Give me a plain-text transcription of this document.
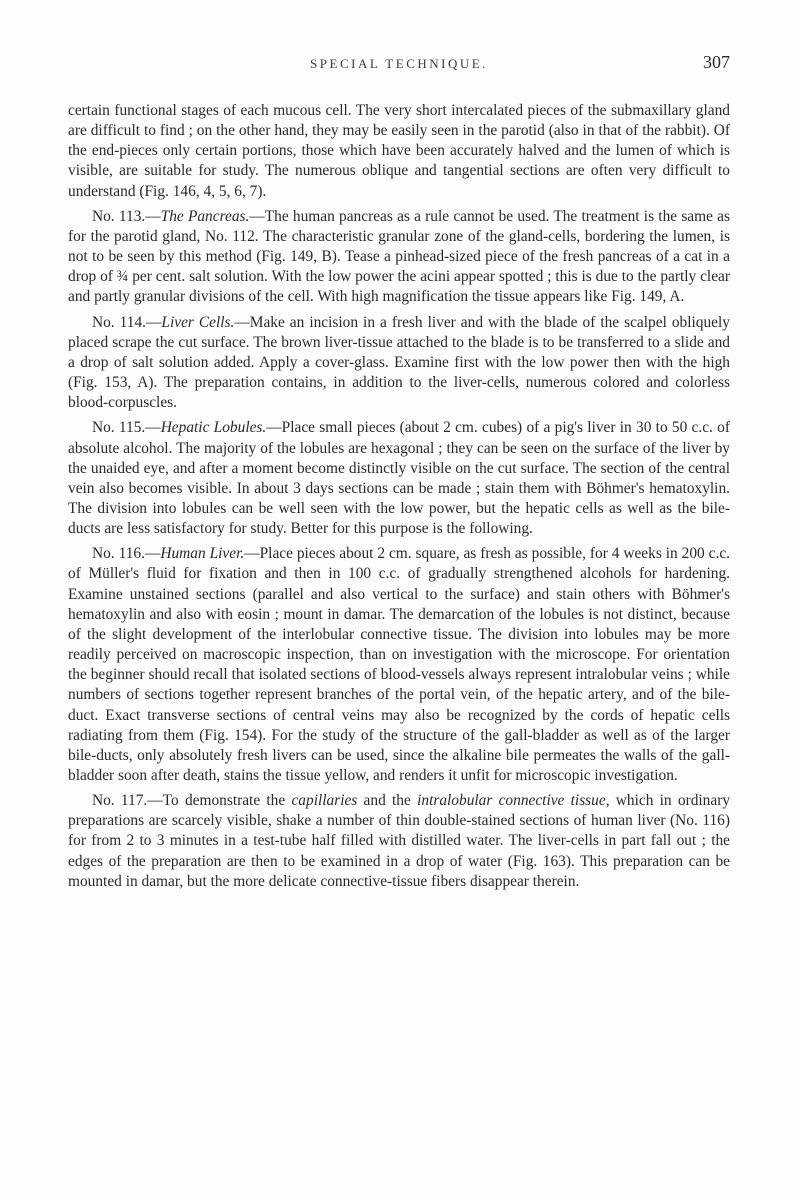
SPECIAL TECHNIQUE.	307

certain functional stages of each mucous cell. The very short intercalated pieces of the submaxillary gland are difficult to find ; on the other hand, they may be easily seen in the parotid (also in that of the rabbit). Of the end-pieces only certain portions, those which have been accurately halved and the lumen of which is visible, are suitable for study. The numerous oblique and tangential sections are often very difficult to understand (Fig. 146, 4, 5, 6, 7).

No. 113.—The Pancreas.—The human pancreas as a rule cannot be used. The treatment is the same as for the parotid gland, No. 112. The characteristic granular zone of the gland-cells, bordering the lumen, is not to be seen by this method (Fig. 149, B). Tease a pinhead-sized piece of the fresh pancreas of a cat in a drop of ¾ per cent. salt solution. With the low power the acini appear spotted ; this is due to the partly clear and partly granular divisions of the cell. With high magnification the tissue appears like Fig. 149, A.

No. 114.—Liver Cells.—Make an incision in a fresh liver and with the blade of the scalpel obliquely placed scrape the cut surface. The brown liver-tissue attached to the blade is to be transferred to a slide and a drop of salt solution added. Apply a cover-glass. Examine first with the low power then with the high (Fig. 153, A). The preparation contains, in addition to the liver-cells, numerous colored and colorless blood-corpuscles.

No. 115.—Hepatic Lobules.—Place small pieces (about 2 cm. cubes) of a pig's liver in 30 to 50 c.c. of absolute alcohol. The majority of the lobules are hexagonal ; they can be seen on the surface of the liver by the unaided eye, and after a moment become distinctly visible on the cut surface. The section of the central vein also becomes visible. In about 3 days sections can be made ; stain them with Böhmer's hematoxylin. The division into lobules can be well seen with the low power, but the hepatic cells as well as the bile-ducts are less satisfactory for study. Better for this purpose is the following.

No. 116.—Human Liver.—Place pieces about 2 cm. square, as fresh as possible, for 4 weeks in 200 c.c. of Müller's fluid for fixation and then in 100 c.c. of gradually strengthened alcohols for hardening. Examine unstained sections (parallel and also vertical to the surface) and stain others with Böhmer's hematoxylin and also with eosin ; mount in damar. The demarcation of the lobules is not distinct, because of the slight development of the interlobular connective tissue. The division into lobules may be more readily perceived on macroscopic inspection, than on investigation with the microscope. For orientation the beginner should recall that isolated sections of blood-vessels always represent intralobular veins ; while numbers of sections together represent branches of the portal vein, of the hepatic artery, and of the bile-duct. Exact transverse sections of central veins may also be recognized by the cords of hepatic cells radiating from them (Fig. 154). For the study of the structure of the gall-bladder as well as of the larger bile-ducts, only absolutely fresh livers can be used, since the alkaline bile permeates the walls of the gall-bladder soon after death, stains the tissue yellow, and renders it unfit for microscopic investigation.

No. 117.—To demonstrate the capillaries and the intralobular connective tissue, which in ordinary preparations are scarcely visible, shake a number of thin double-stained sections of human liver (No. 116) for from 2 to 3 minutes in a test-tube half filled with distilled water. The liver-cells in part fall out ; the edges of the preparation are then to be examined in a drop of water (Fig. 163). This preparation can be mounted in damar, but the more delicate connective-tissue fibers disappear therein.
